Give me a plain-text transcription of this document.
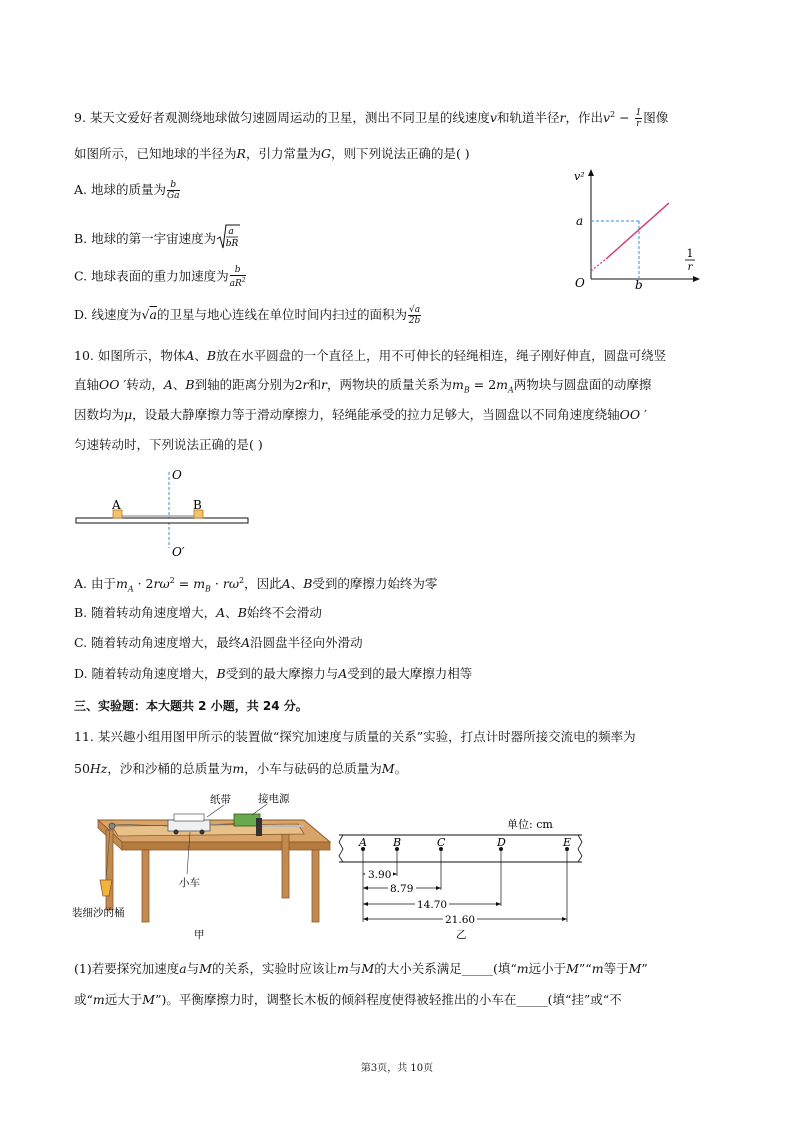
9. 某天文爱好者观测绕地球做匀速圆周运动的卫星，测出不同卫星的线速度v和轨道半径r，作出$v^2 - \frac{1}{r}$ 图像
如图所示，已知地球的半径为R，引力常量为G，则下列说法正确的是( )
A. 地球的质量为 $\frac{b}{Ga}$
B. 地球的第一宇宙速度为 a
bR
C. 地球表面的重力加速度为 $\frac{b}{aR^2}$
D. 线速度为√a的卫星与地心连线在单位时间内扫过的面积为 $\frac{√a}{2b}$
v²
a
O	b
1
r
10. 如图所示，物体A、B放在水平圆盘的一个直径上，用不可伸长的轻绳相连，绳子刚好伸直，圆盘可绕竖
直轴OO ′转动，A、B到轴的距离分别为2r和r，两物块的质量关系为$m_B = 2m_A$两物块与圆盘面的动摩擦
因数均为μ，设最大静摩擦力等于滑动摩擦力，轻绳能承受的拉力足够大，当圆盘以不同角速度绕轴OO ′
匀速转动时，下列说法正确的是( )
A	B
O
O′
A. 由于$m_A \cdot 2r\omega^2 = m_B \cdot r\omega^2$，因此A、B受到的摩擦力始终为零
B. 随着转动角速度增大，A、B始终不会滑动
C. 随着转动角速度增大，最终A沿圆盘半径向外滑动
D. 随着转动角速度增大，B受到的最大摩擦力与A受到的最大摩擦力相等
三、实验题：本大题共 2 小题，共 24 分。
11. 某兴趣小组用图甲所示的装置做“探究加速度与质量的关系”实验，打点计时器所接交流电的频率为
50Hz，沙和沙桶的总质量为m，小车与砝码的总质量为M。
纸带	接电源
小车
装细沙的桶
甲
单位: cm
A B	C	D	E
3.90
8.79
14.70
21.60
乙
(1)若要探究加速度a与M的关系，实验时应该让m与M的大小关系满足_____(填“m远小于M”“m等于M”
或“m远大于M”)。平衡摩擦力时，调整长木板的倾斜程度使得被轻推出的小车在_____(填“挂”或“不
第3页，共 10页
